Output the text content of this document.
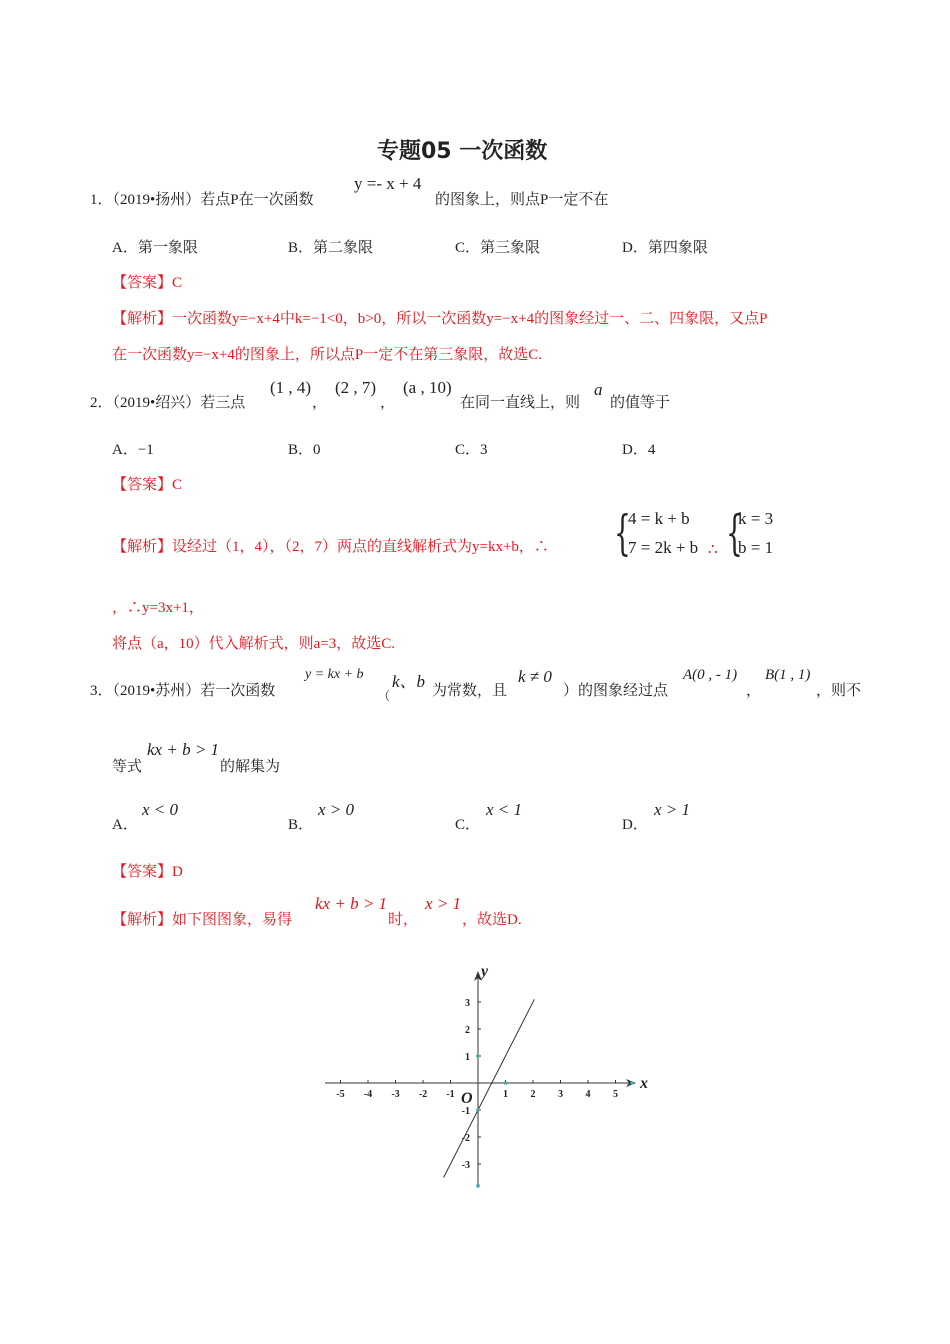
专题05 一次函数
1．（2019•扬州）若点P在一次函数
y =- x + 4
的图象上，则点P一定不在
A．第一象限	B．第二象限	C．第三象限	D．第四象限
【答案】C
【解析】一次函数y=−x+4中k=−1<0，b>0，所以一次函数y=−x+4的图象经过一、二、四象限，又点P
在一次函数y=−x+4的图象上，所以点P一定不在第三象限，故选C.
2．（2019•绍兴）若三点
(1 , 4)
，
(2 , 7)
，
(a , 10)
在同一直线上，则
a
的值等于
A．−1	B．0	C．3	D．4
【答案】C
【解析】设经过（1，4），（2，7）两点的直线解析式为y=kx+b，∴ {
4 = k + b
7 = 2k + b ∴ {
k = 3
b = 1
，∴y=3x+1，
将点（a，10）代入解析式，则a=3，故选C.
3．（2019•苏州）若一次函数
y = kx + b
（
k、b 为常数，且
k ≠ 0
）的图象经过点
A(0 , - 1)
，
B(1 , 1)
，则不
等式
kx + b > 1
的解集为
A．
x < 0
B．
x > 0
C．
x < 1
D．
x > 1
【答案】D
【解析】如下图图象，易得
kx + b > 1
时，
x > 1
，故选D.
-5 -4 -3 -2 -1	1 2 3 4 5
3
2
1
-1
-2
-3
x
y
O
